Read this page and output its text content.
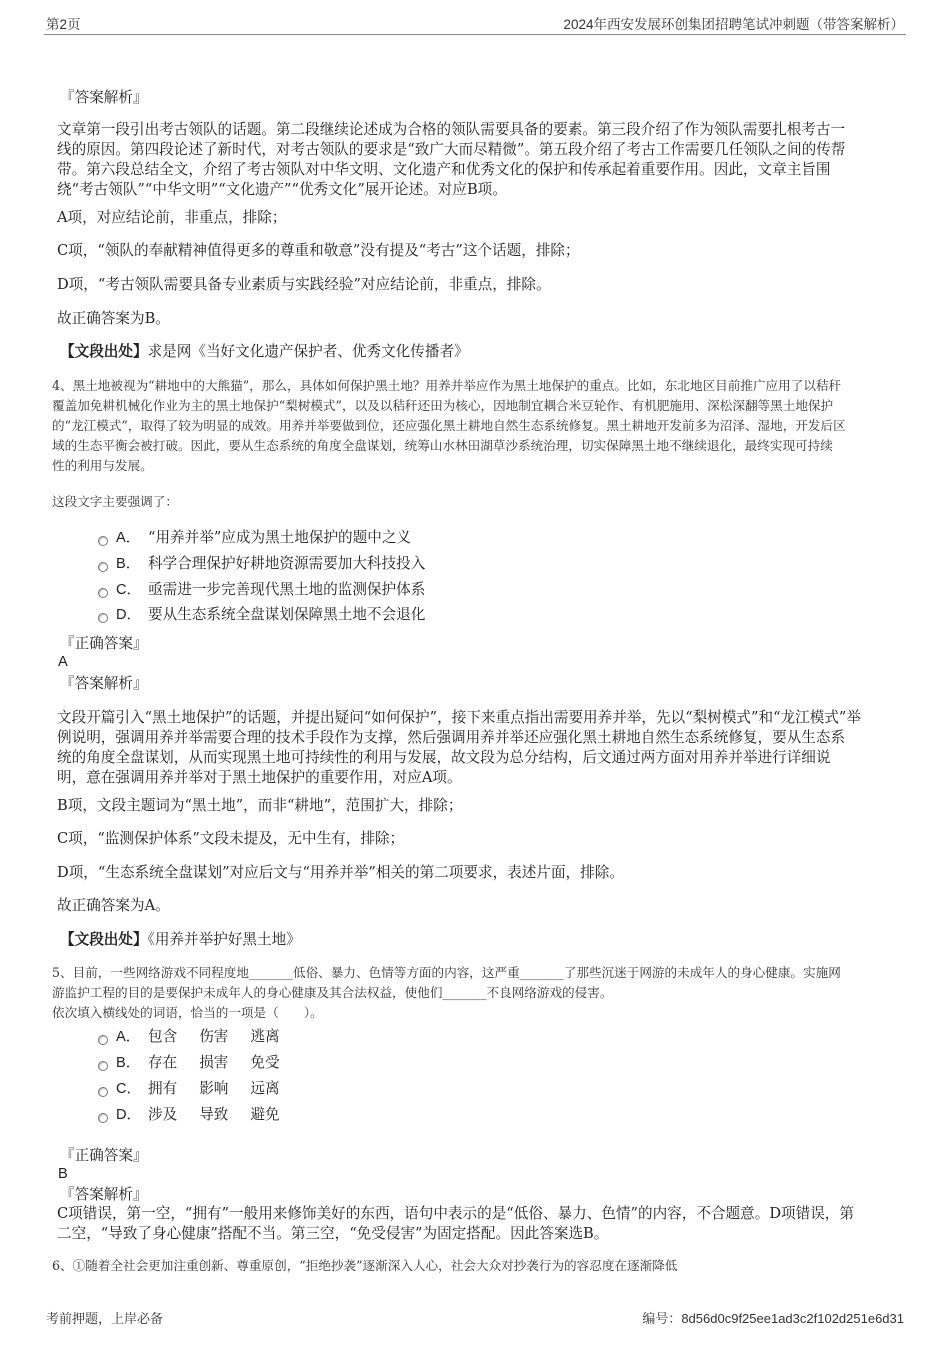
第2页	2024年西安发展环创集团招聘笔试冲刺题（带答案解析）
『答案解析』
文章第一段引出考古领队的话题。第二段继续论述成为合格的领队需要具备的要素。第三段介绍了作为领队需要扎根考古一
线的原因。第四段论述了新时代，对考古领队的要求是“致广大而尽精微”。第五段介绍了考古工作需要几任领队之间的传帮
带。第六段总结全文，介绍了考古领队对中华文明、文化遗产和优秀文化的保护和传承起着重要作用。因此，文章主旨围
绕“考古领队”“中华文明”“文化遗产”“优秀文化”展开论述。对应B项。
A项，对应结论前，非重点，排除；
C项，“领队的奉献精神值得更多的尊重和敬意”没有提及“考古”这个话题，排除；
D项，“考古领队需要具备专业素质与实践经验”对应结论前，非重点，排除。
故正确答案为B。
【文段出处】求是网《当好文化遗产保护者、优秀文化传播者》
4、黑土地被视为“耕地中的大熊猫”，那么，具体如何保护黑土地？用养并举应作为黑土地保护的重点。比如，东北地区目前推广应用了以秸秆
覆盖加免耕机械化作业为主的黑土地保护“梨树模式”，以及以秸秆还田为核心，因地制宜耦合米豆轮作、有机肥施用、深松深翻等黑土地保护
的“龙江模式”，取得了较为明显的成效。用养并举要做到位，还应强化黑土耕地自然生态系统修复。黑土耕地开发前多为沼泽、湿地，开发后区
域的生态平衡会被打破。因此，要从生态系统的角度全盘谋划，统筹山水林田湖草沙系统治理，切实保障黑土地不继续退化，最终实现可持续
性的利用与发展。
这段文字主要强调了：
A． “用养并举”应成为黑土地保护的题中之义
B． 科学合理保护好耕地资源需要加大科技投入
C． 亟需进一步完善现代黑土地的监测保护体系
D． 要从生态系统全盘谋划保障黑土地不会退化
『正确答案』
A
『答案解析』
文段开篇引入“黑土地保护”的话题，并提出疑问“如何保护”，接下来重点指出需要用养并举，先以“梨树模式”和“龙江模式”举
例说明，强调用养并举需要合理的技术手段作为支撑，然后强调用养并举还应强化黑土耕地自然生态系统修复，要从生态系
统的角度全盘谋划，从而实现黑土地可持续性的利用与发展，故文段为总分结构，后文通过两方面对用养并举进行详细说
明，意在强调用养并举对于黑土地保护的重要作用，对应A项。
B项，文段主题词为“黑土地”，而非“耕地”，范围扩大，排除；
C项，“监测保护体系”文段未提及，无中生有，排除；
D项，“生态系统全盘谋划”对应后文与“用养并举”相关的第二项要求，表述片面，排除。
故正确答案为A。
【文段出处】《用养并举护好黑土地》
5、目前，一些网络游戏不同程度地_______低俗、暴力、色情等方面的内容，这严重_______了那些沉迷于网游的未成年人的身心健康。实施网
游监护工程的目的是要保护未成年人的身心健康及其合法权益，使他们_______不良网络游戏的侵害。
依次填入横线处的词语，恰当的一项是（　　）。
A． 包含 伤害 逃离
B． 存在 损害 免受
C． 拥有 影响 远离
D． 涉及 导致 避免
『正确答案』
B
『答案解析』
C项错误，第一空，“拥有”一般用来修饰美好的东西，语句中表示的是“低俗、暴力、色情”的内容，不合题意。D项错误，第
二空，“导致了身心健康”搭配不当。第三空，“免受侵害”为固定搭配。因此答案选B。
6、①随着全社会更加注重创新、尊重原创，“拒绝抄袭”逐渐深入人心，社会大众对抄袭行为的容忍度在逐渐降低
考前押题，上岸必备	编号：8d56d0c9f25ee1ad3c2f102d251e6d31
